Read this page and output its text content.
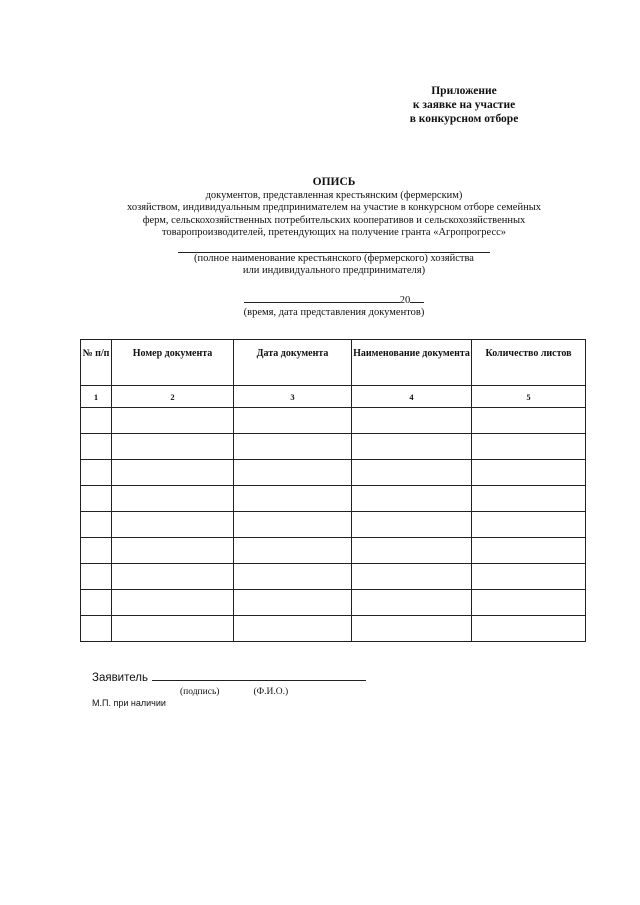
Приложение
к заявке на участие
в конкурсном отборе
ОПИСЬ
документов, представленная крестьянским (фермерским)
хозяйством, индивидуальным предпринимателем на участие в конкурсном отборе семейных
ферм, сельскохозяйственных потребительских кооперативов и сельскохозяйственных
товаропроизводителей, претендующих на получение гранта «Агропрогресс»
(полное наименование крестьянского (фермерского) хозяйства
или индивидуального предпринимателя)
20
(время, дата представления документов)
№ п/п	Номер документа	Дата документа	Наименование документа	Количество листов
1	2	3	4	5

Заявитель
(подпись)	(Ф.И.О.)
М.П. при наличии
